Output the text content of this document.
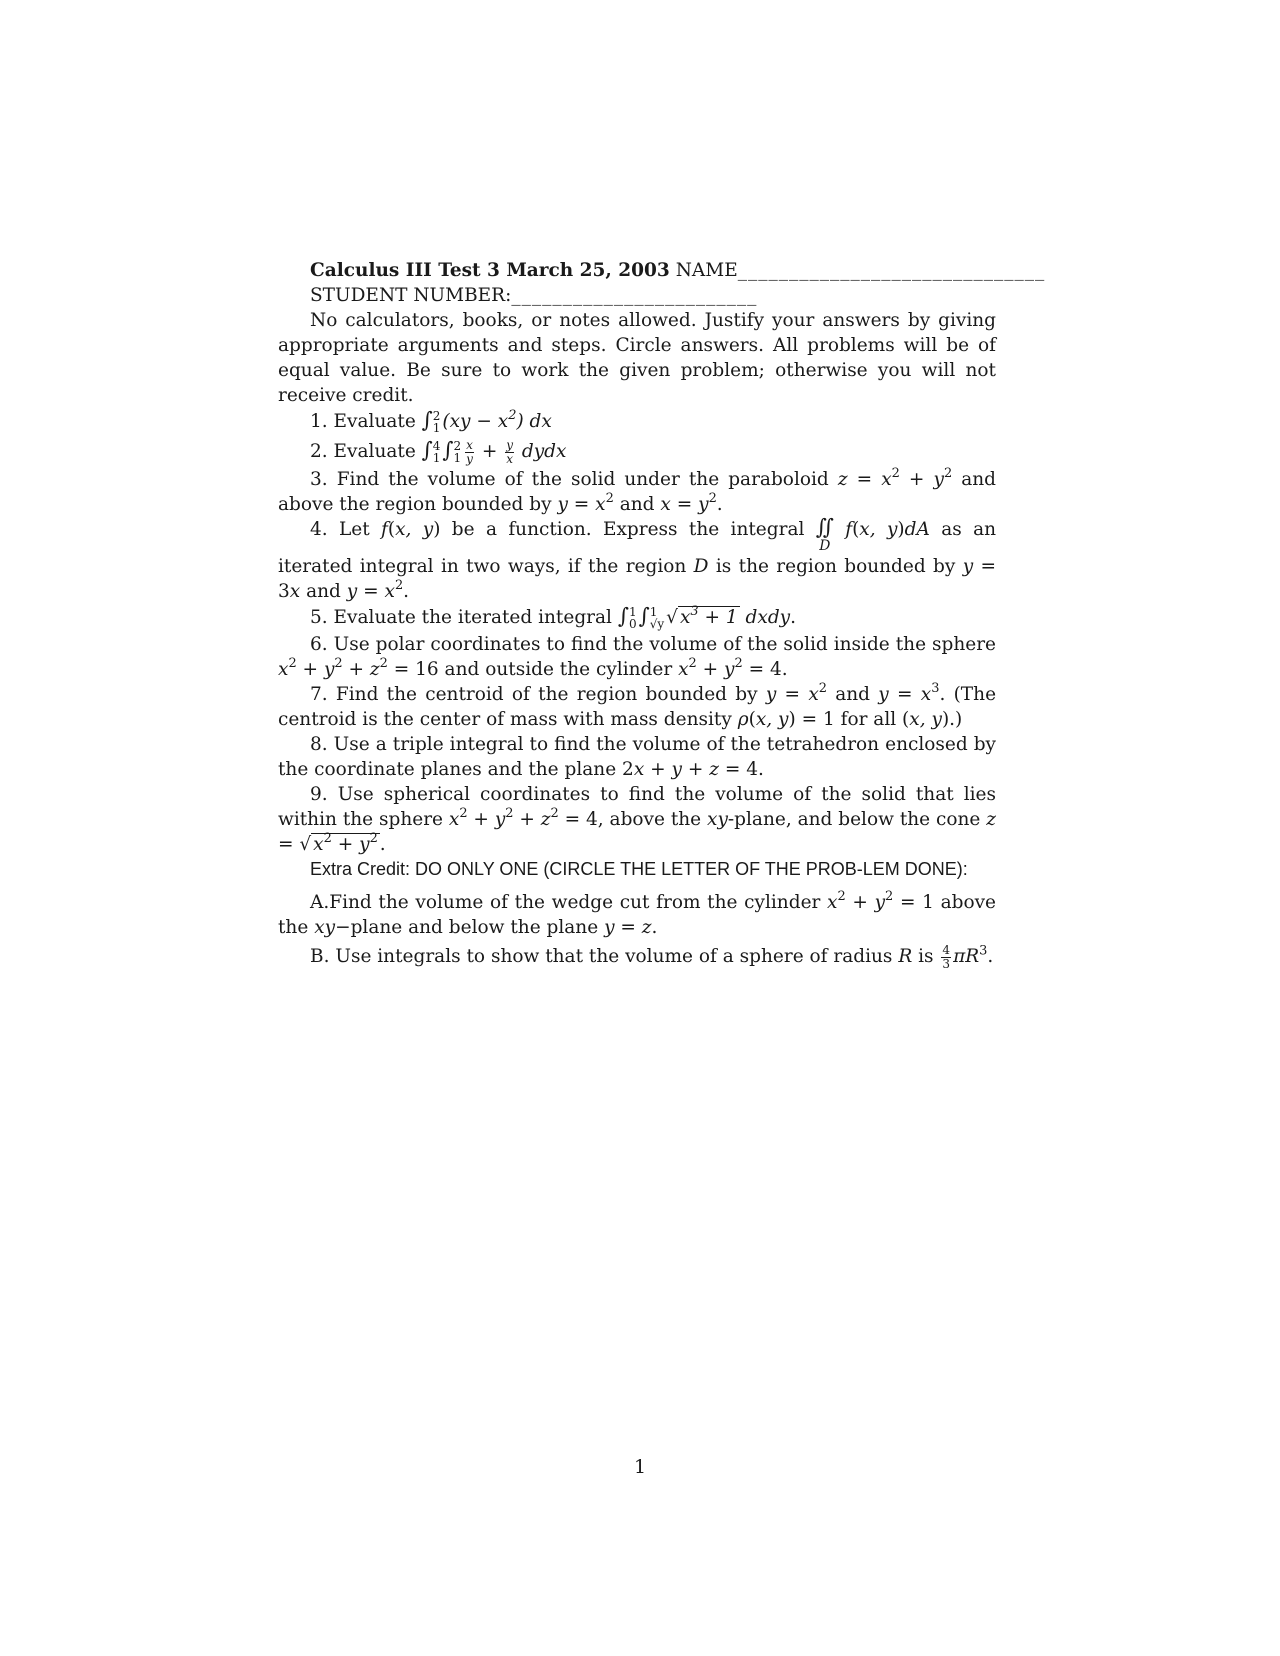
Calculus III Test 3 March 25, 2003 NAME______________________________
STUDENT NUMBER:________________________

No calculators, books, or notes allowed. Justify your answers by giving appropriate arguments and steps. Circle answers. All problems will be of equal value. Be sure to work the given problem; otherwise you will not receive credit.

1. Evaluate ∫ 2
1 $(xy - x^2)$ dx
2. Evaluate ∫ 4
1 ∫ 2
$1 \frac{x}{y} + \frac{y}{x}$ dydx

3. Find the volume of the solid under the paraboloid $z = x^2 + y^2$ and above the region bounded by $y = x^2$ and $x = y^2$.

4. Let f(x, y) be a function. Express the integral ∬
D
f(x, y)dA as an iterated integral in two ways, if the region D is the region bounded by y = 3x and $y = x^2$.

5. Evaluate the iterated integral ∫ 1
0 ∫ 1
√y √ $x^3 + 1$ dxdy.

6. Use polar coordinates to find the volume of the solid inside the sphere $x^2 + y^2 + z^2 = 16$ and outside the cylinder $x^2 + y^2 = 4$.

7. Find the centroid of the region bounded by $y = x^2$ and $y = x^3$. (The centroid is the center of mass with mass density ρ(x, y) = 1 for all (x, y).)

8. Use a triple integral to find the volume of the tetrahedron enclosed by the coordinate planes and the plane 2x + y + z = 4.

9. Use spherical coordinates to find the volume of the solid that lies within the sphere $x^2 + y^2 + z^2 = 4$, above the xy-plane, and below the cone z = √ $x^2 + y^2$ .

Extra Credit: DO ONLY ONE (CIRCLE THE LETTER OF THE PROB-LEM DONE):

A.Find the volume of the wedge cut from the cylinder $x^2 + y^2 = 1$ above the xy−plane and below the plane y = z.

B. Use integrals to show that the volume of a sphere of radius R is $\frac{4}{3} \pi R^3$.

1
